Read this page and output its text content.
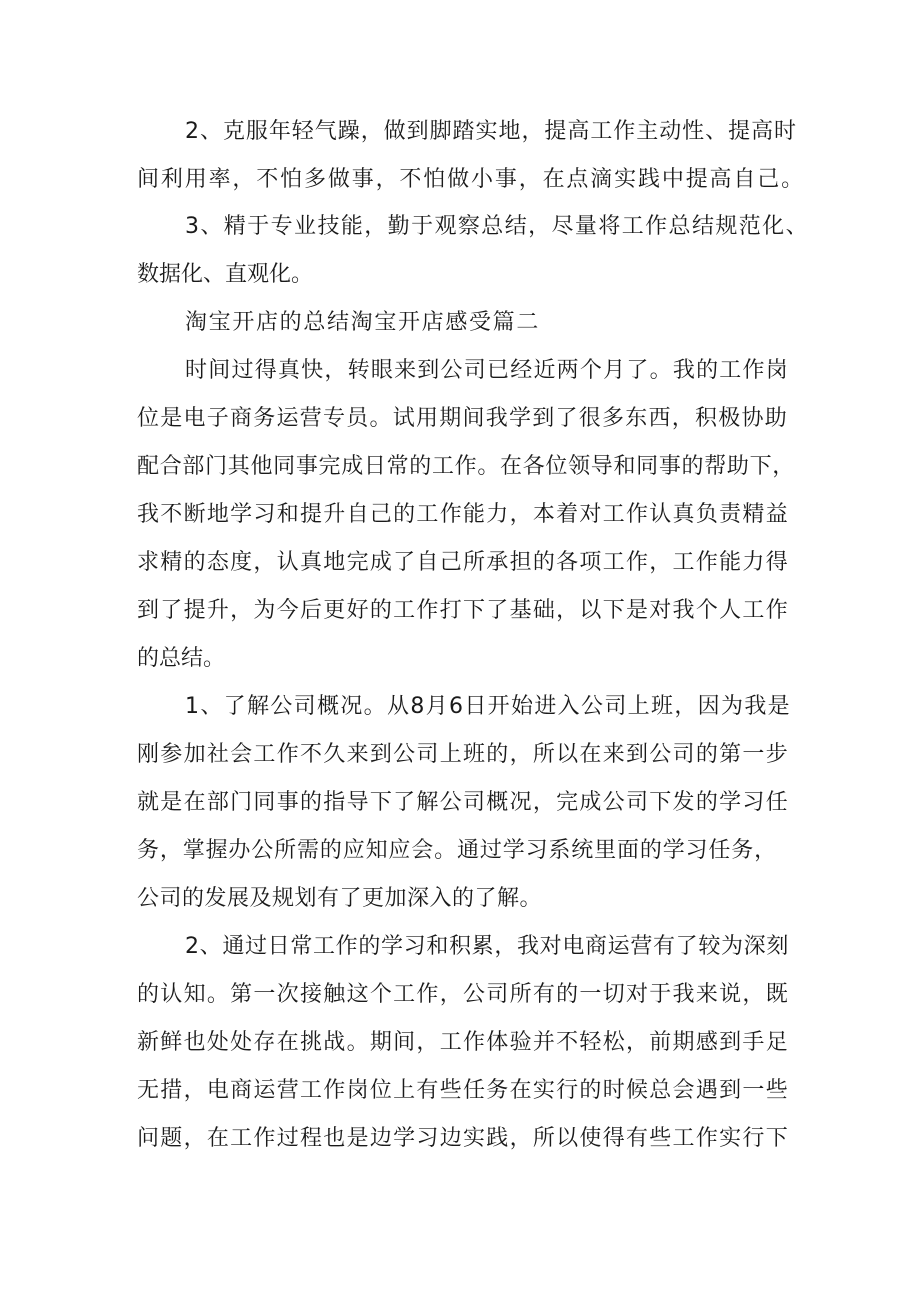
2、克服年轻气躁，做到脚踏实地，提高工作主动性、提高时
间利用率，不怕多做事，不怕做小事，在点滴实践中提高自己。
3、精于专业技能，勤于观察总结，尽量将工作总结规范化、
数据化、直观化。
淘宝开店的总结淘宝开店感受篇二
时间过得真快，转眼来到公司已经近两个月了。我的工作岗
位是电子商务运营专员。试用期间我学到了很多东西，积极协助
配合部门其他同事完成日常的工作。在各位领导和同事的帮助下，
我不断地学习和提升自己的工作能力，本着对工作认真负责精益
求精的态度，认真地完成了自己所承担的各项工作，工作能力得
到了提升，为今后更好的工作打下了基础，以下是对我个人工作
的总结。
1、了解公司概况。从8月6日开始进入公司上班，因为我是
刚参加社会工作不久来到公司上班的，所以在来到公司的第一步
就是在部门同事的指导下了解公司概况，完成公司下发的学习任
务，掌握办公所需的应知应会。通过学习系统里面的学习任务，
公司的发展及规划有了更加深入的了解。
2、通过日常工作的学习和积累，我对电商运营有了较为深刻
的认知。第一次接触这个工作，公司所有的一切对于我来说，既
新鲜也处处存在挑战。期间，工作体验并不轻松，前期感到手足
无措，电商运营工作岗位上有些任务在实行的时候总会遇到一些
问题，在工作过程也是边学习边实践，所以使得有些工作实行下
